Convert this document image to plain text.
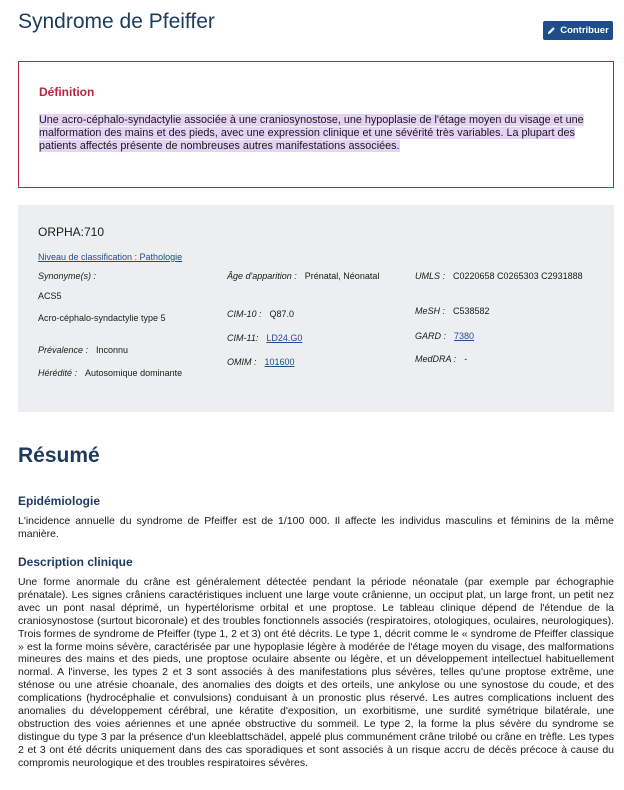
Syndrome de Pfeiffer	Contribuer
Définition

Une acro-céphalo-syndactylie associée à une craniosynostose, une hypoplasie de l'étage moyen du visage et une malformation des mains et des pieds, avec une expression clinique et une sévérité très variables. La plupart des patients affectés présente de nombreuses autres manifestations associées.

ORPHA:710
Niveau de classification : Pathologie
Synonyme(s) :
ACS5
Acro-céphalo-syndactylie type 5
Prévalence : Inconnu
Hérédité : Autosomique dominante
Âge d'apparition : Prénatal, Néonatal
CIM-10 : Q87.0
CIM-11: LD24.G0
OMIM : 101600
UMLS : C0220658 C0265303 C2931888
MeSH : C538582
GARD : 7380
MedDRA : -
Résumé
Epidémiologie

L'incidence annuelle du syndrome de Pfeiffer est de 1/100 000. Il affecte les individus masculins et féminins de la même manière.

Description clinique

Une forme anormale du crâne est généralement détectée pendant la période néonatale (par exemple par échographie prénatale). Les signes crâniens caractéristiques incluent une large voute crânienne, un occiput plat, un large front, un petit nez avec un pont nasal déprimé, un hypertélorisme orbital et une proptose. Le tableau clinique dépend de l'étendue de la craniosynostose (surtout bicoronale) et des troubles fonctionnels associés (respiratoires, otologiques, oculaires, neurologiques). Trois formes de syndrome de Pfeiffer (type 1, 2 et 3) ont été décrits. Le type 1, décrit comme le « syndrome de Pfeiffer classique » est la forme moins sévère, caractérisée par une hypoplasie légère à modérée de l'étage moyen du visage, des malformations mineures des mains et des pieds, une proptose oculaire absente ou légère, et un développement intellectuel habituellement normal. A l'inverse, les types 2 et 3 sont associés à des manifestations plus sévères, telles qu'une proptose extrême, une sténose ou une atrésie choanale, des anomalies des doigts et des orteils, une ankylose ou une synostose du coude, et des complications (hydrocéphalie et convulsions) conduisant à un pronostic plus réservé. Les autres complications incluent des anomalies du développement cérébral, une kératite d'exposition, un exorbitisme, une surdité symétrique bilatérale, une obstruction des voies aériennes et une apnée obstructive du sommeil. Le type 2, la forme la plus sévère du syndrome se distingue du type 3 par la présence d'un kleeblattschädel, appelé plus communément crâne trilobé ou crâne en trèfle. Les types 2 et 3 ont été décrits uniquement dans des cas sporadiques et sont associés à un risque accru de décès précoce à cause du compromis neurologique et des troubles respiratoires sévères.
